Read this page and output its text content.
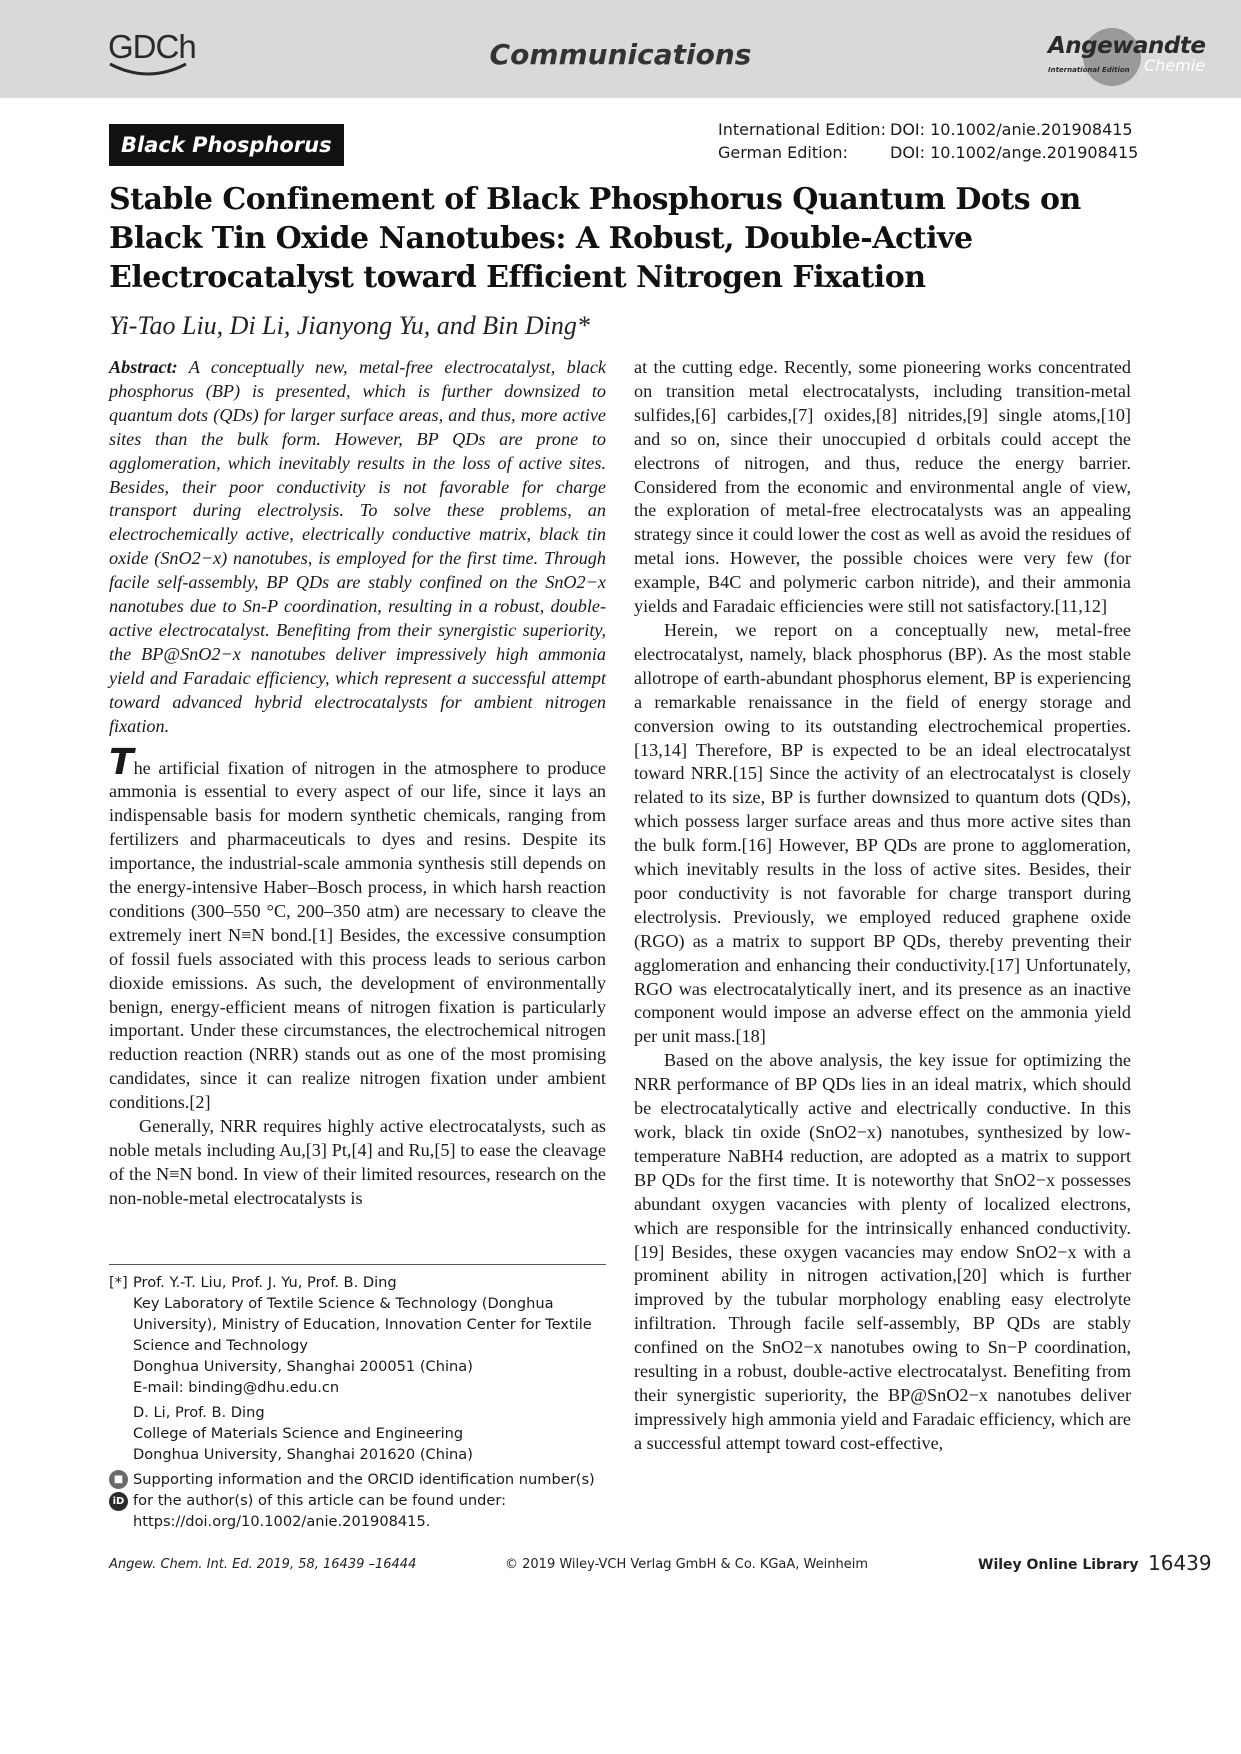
GDCh	Communications	Angewandte
International Edition Chemie
Black Phosphorus
International Edition: DOI: 10.1002/anie.201908415
German Edition:	DOI: 10.1002/ange.201908415
Stable Confinement of Black Phosphorus Quantum Dots on Black Tin Oxide Nanotubes: A Robust, Double-Active Electrocatalyst toward Efficient Nitrogen Fixation
Yi-Tao Liu, Di Li, Jianyong Yu, and Bin Ding*

Abstract: A conceptually new, metal-free electrocatalyst, black phosphorus (BP) is presented, which is further downsized to quantum dots (QDs) for larger surface areas, and thus, more active sites than the bulk form. However, BP QDs are prone to agglomeration, which inevitably results in the loss of active sites. Besides, their poor conductivity is not favorable for charge transport during electrolysis. To solve these problems, an electrochemically active, electrically conductive matrix, black tin oxide (SnO2−x) nanotubes, is employed for the first time. Through facile self-assembly, BP QDs are stably confined on the SnO2−x nanotubes due to Sn-P coordination, resulting in a robust, double-active electrocatalyst. Benefiting from their synergistic superiority, the BP@SnO2−x nanotubes deliver impressively high ammonia yield and Faradaic efficiency, which represent a successful attempt toward advanced hybrid electrocatalysts for ambient nitrogen fixation.

The artificial fixation of nitrogen in the atmosphere to produce ammonia is essential to every aspect of our life, since it lays an indispensable basis for modern synthetic chemicals, ranging from fertilizers and pharmaceuticals to dyes and resins. Despite its importance, the industrial-scale ammonia synthesis still depends on the energy-intensive Haber–Bosch process, in which harsh reaction conditions (300–550 °C, 200–350 atm) are necessary to cleave the extremely inert N≡N bond.[1] Besides, the excessive consumption of fossil fuels associated with this process leads to serious carbon dioxide emissions. As such, the development of environmentally benign, energy-efficient means of nitrogen fixation is particularly important. Under these circumstances, the electrochemical nitrogen reduction reaction (NRR) stands out as one of the most promising candidates, since it can realize nitrogen fixation under ambient conditions.[2]

Generally, NRR requires highly active electrocatalysts, such as noble metals including Au,[3] Pt,[4] and Ru,[5] to ease the cleavage of the N≡N bond. In view of their limited resources, research on the non-noble-metal electrocatalysts is

[*] Prof. Y.-T. Liu, Prof. J. Yu, Prof. B. Ding
Key Laboratory of Textile Science & Technology (Donghua University), Ministry of Education, Innovation Center for Textile Science and Technology
Donghua University, Shanghai 200051 (China)
E-mail: binding@dhu.edu.cn
D. Li, Prof. B. Ding
College of Materials Science and Engineering
Donghua University, Shanghai 201620 (China)
■
iD
Supporting information and the ORCID identification number(s) for the author(s) of this article can be found under: https://doi.org/10.1002/anie.201908415.

at the cutting edge. Recently, some pioneering works concentrated on transition metal electrocatalysts, including transition-metal sulfides,[6] carbides,[7] oxides,[8] nitrides,[9] single atoms,[10] and so on, since their unoccupied d orbitals could accept the electrons of nitrogen, and thus, reduce the energy barrier. Considered from the economic and environmental angle of view, the exploration of metal-free electrocatalysts was an appealing strategy since it could lower the cost as well as avoid the residues of metal ions. However, the possible choices were very few (for example, B4C and polymeric carbon nitride), and their ammonia yields and Faradaic efficiencies were still not satisfactory.[11,12]

Herein, we report on a conceptually new, metal-free electrocatalyst, namely, black phosphorus (BP). As the most stable allotrope of earth-abundant phosphorus element, BP is experiencing a remarkable renaissance in the field of energy storage and conversion owing to its outstanding electrochemical properties.[13,14] Therefore, BP is expected to be an ideal electrocatalyst toward NRR.[15] Since the activity of an electrocatalyst is closely related to its size, BP is further downsized to quantum dots (QDs), which possess larger surface areas and thus more active sites than the bulk form.[16] However, BP QDs are prone to agglomeration, which inevitably results in the loss of active sites. Besides, their poor conductivity is not favorable for charge transport during electrolysis. Previously, we employed reduced graphene oxide (RGO) as a matrix to support BP QDs, thereby preventing their agglomeration and enhancing their conductivity.[17] Unfortunately, RGO was electrocatalytically inert, and its presence as an inactive component would impose an adverse effect on the ammonia yield per unit mass.[18]

Based on the above analysis, the key issue for optimizing the NRR performance of BP QDs lies in an ideal matrix, which should be electrocatalytically active and electrically conductive. In this work, black tin oxide (SnO2−x) nanotubes, synthesized by low-temperature NaBH4 reduction, are adopted as a matrix to support BP QDs for the first time. It is noteworthy that SnO2−x possesses abundant oxygen vacancies with plenty of localized electrons, which are responsible for the intrinsically enhanced conductivity.[19] Besides, these oxygen vacancies may endow SnO2−x with a prominent ability in nitrogen activation,[20] which is further improved by the tubular morphology enabling easy electrolyte infiltration. Through facile self-assembly, BP QDs are stably confined on the SnO2−x nanotubes owing to Sn−P coordination, resulting in a robust, double-active electrocatalyst. Benefiting from their synergistic superiority, the BP@SnO2−x nanotubes deliver impressively high ammonia yield and Faradaic efficiency, which are a successful attempt toward cost-effective,

Angew. Chem. Int. Ed. 2019, 58, 16439 –16444	© 2019 Wiley-VCH Verlag GmbH & Co. KGaA, Weinheim	Wiley Online Library 16439
